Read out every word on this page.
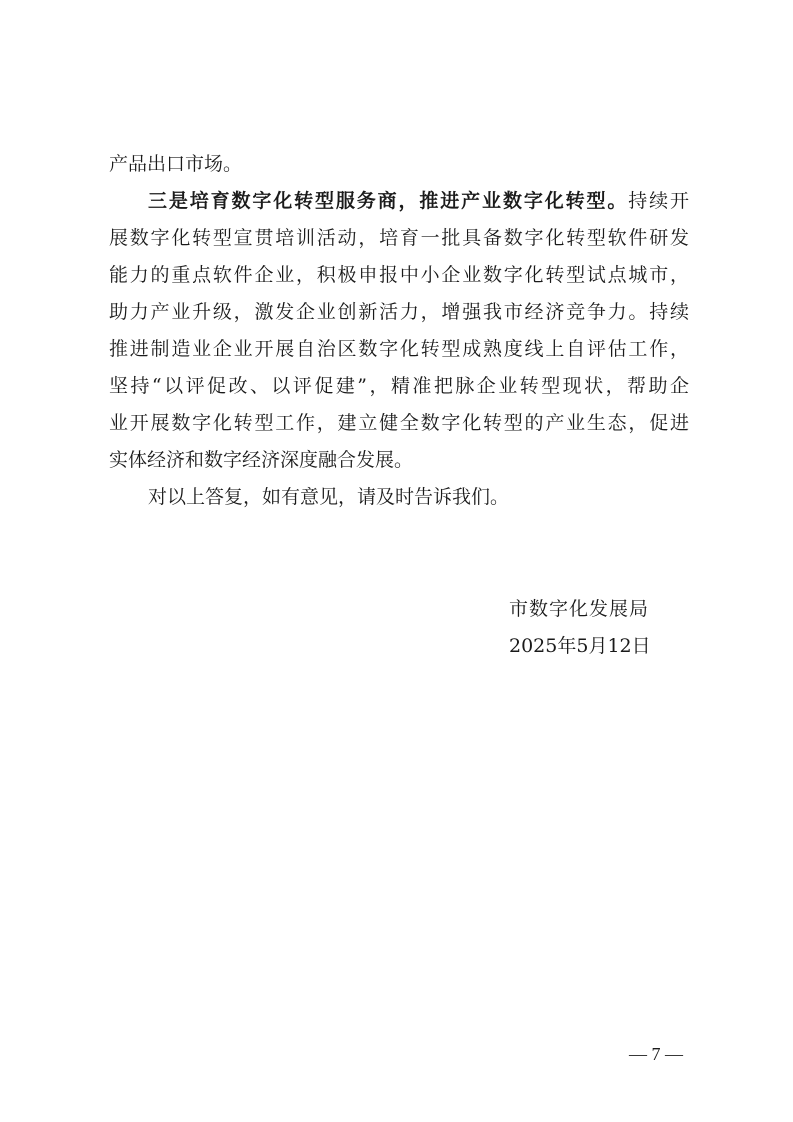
产品出口市场。
三是培育数字化转型服务商，推进产业数字化转型。持续开
展数字化转型宣贯培训活动，培育一批具备数字化转型软件研发
能力的重点软件企业，积极申报中小企业数字化转型试点城市，
助力产业升级，激发企业创新活力，增强我市经济竞争力。持续
推进制造业企业开展自治区数字化转型成熟度线上自评估工作，
坚持“以评促改、以评促建”，精准把脉企业转型现状，帮助企
业开展数字化转型工作，建立健全数字化转型的产业生态，促进
实体经济和数字经济深度融合发展。
对以上答复，如有意见，请及时告诉我们。
市数字化发展局
2025年5月12日
— 7 —
